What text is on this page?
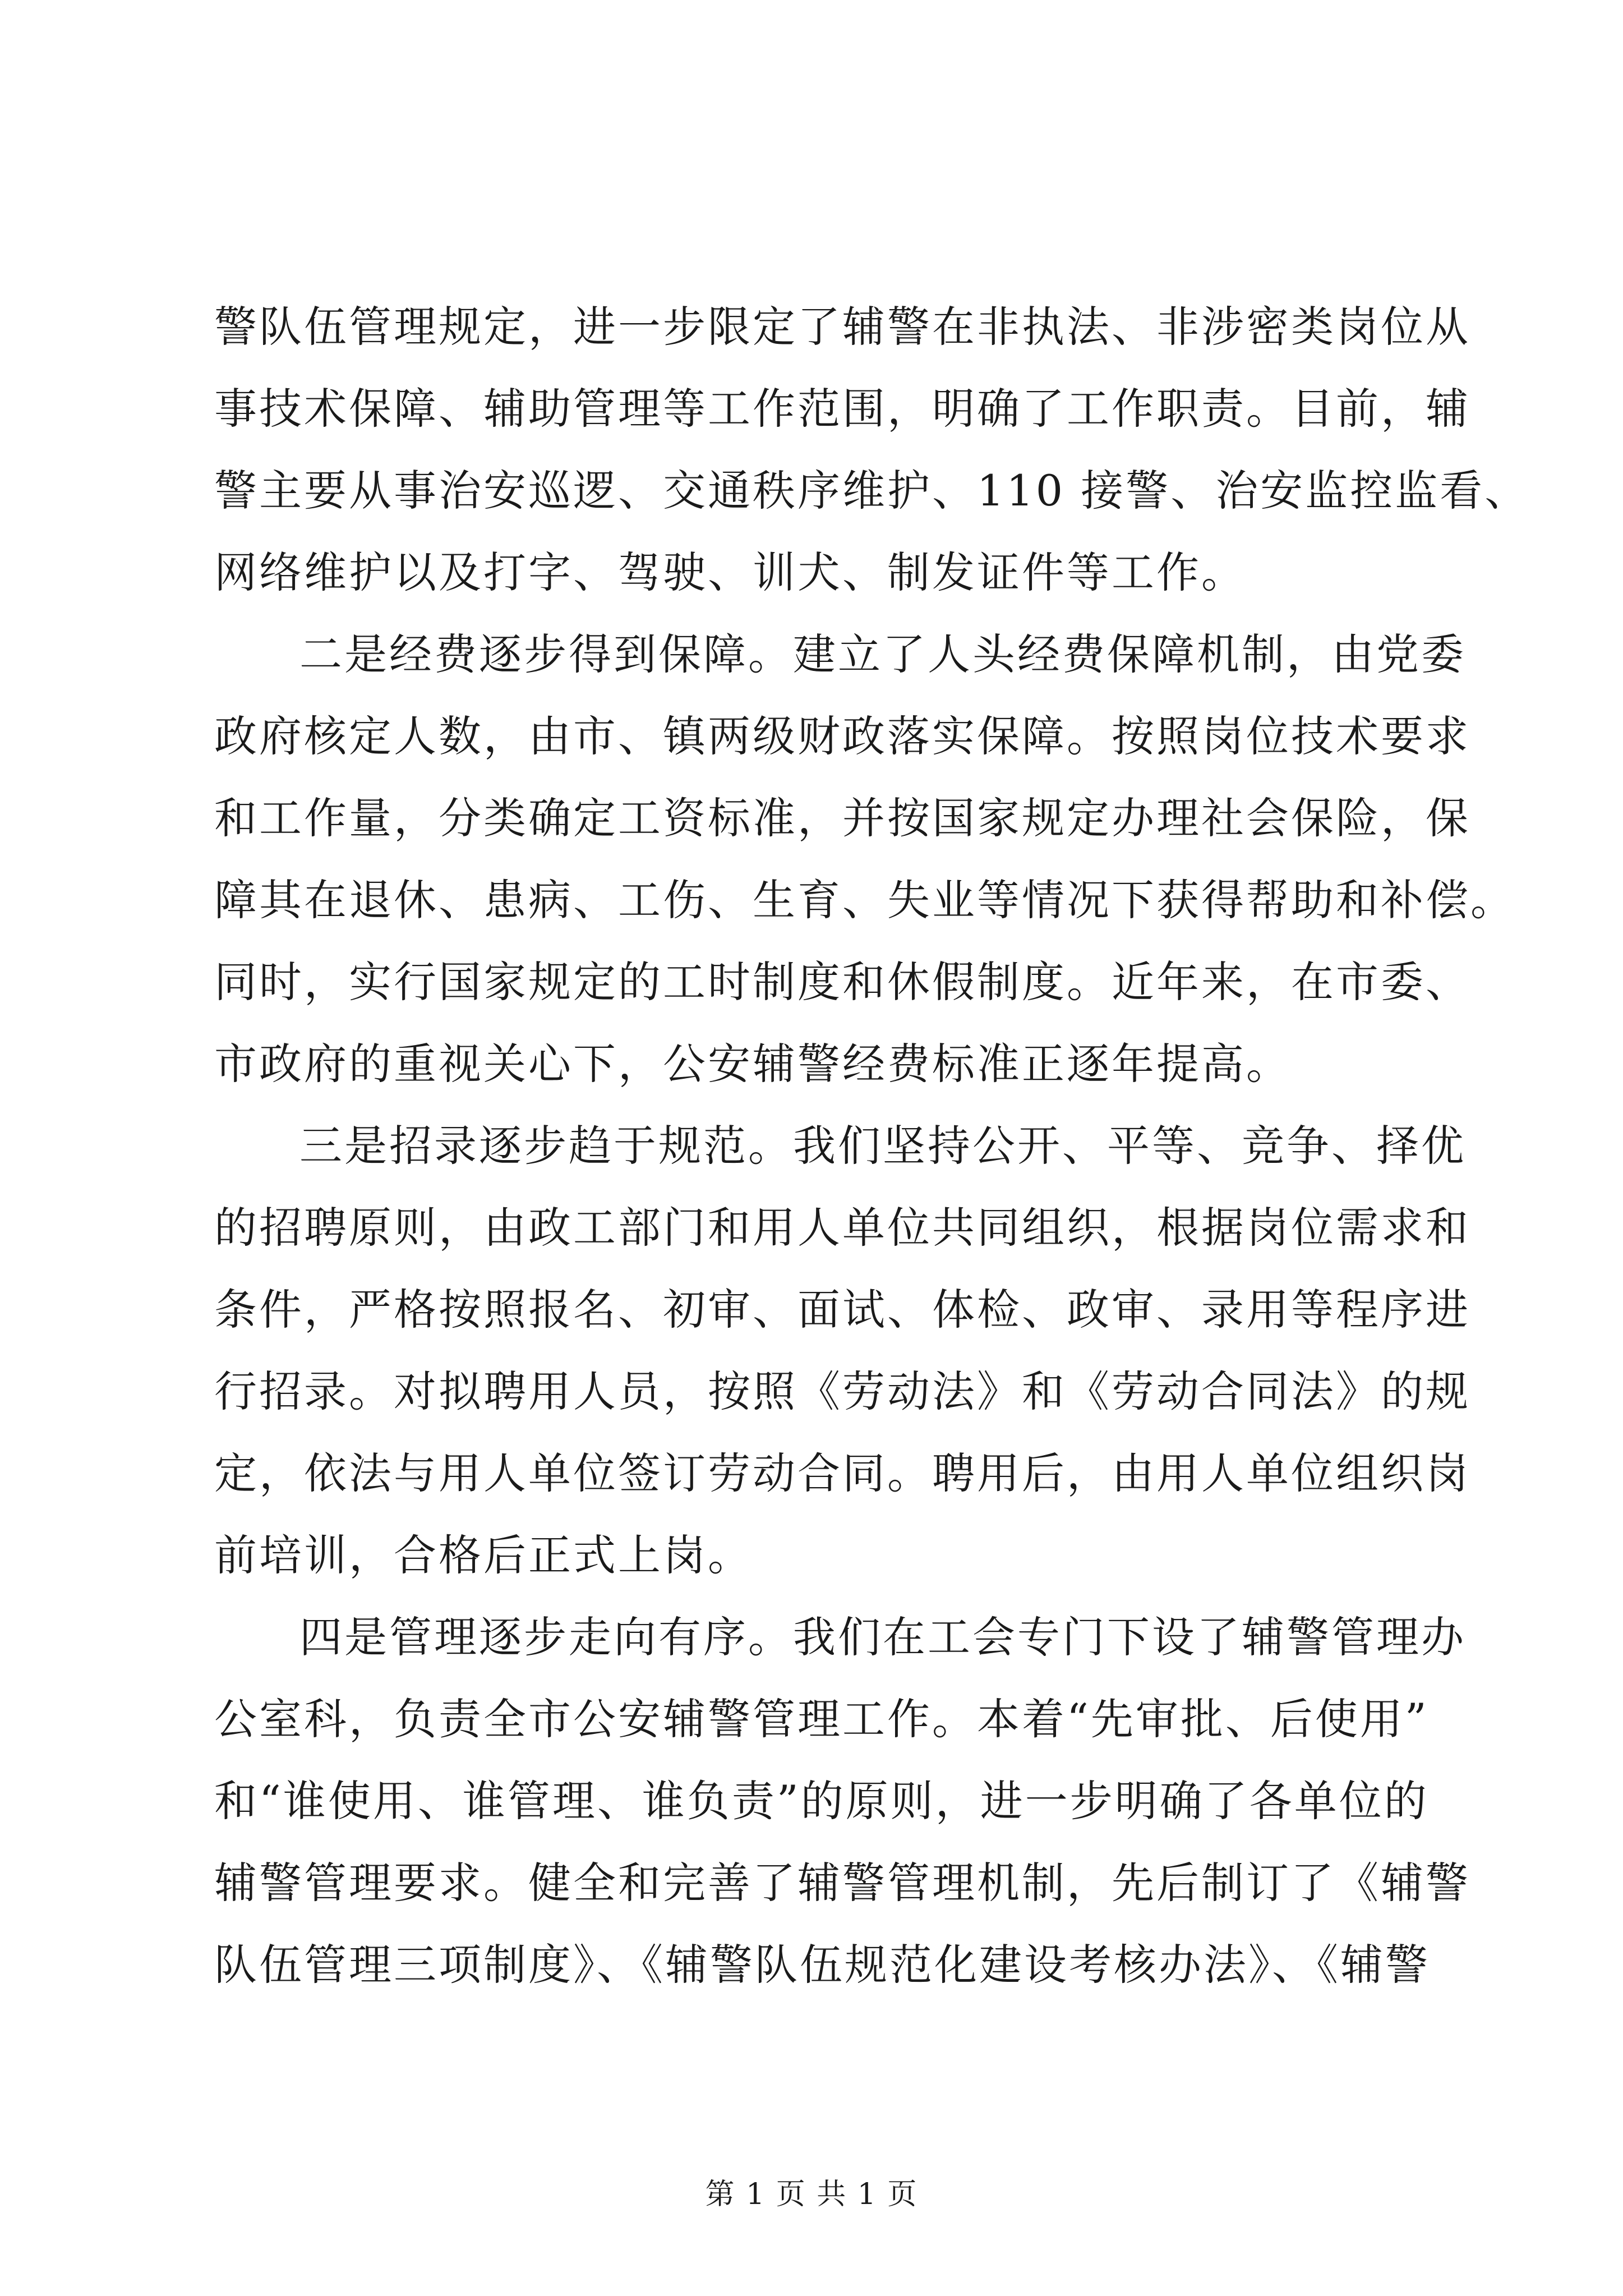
警队伍管理规定，进一步限定了辅警在非执法、非涉密类岗位从
事技术保障、辅助管理等工作范围，明确了工作职责。目前，辅
警主要从事治安巡逻、交通秩序维护、110 接警、治安监控监看、
网络维护以及打字、驾驶、训犬、制发证件等工作。
二是经费逐步得到保障。建立了人头经费保障机制，由党委
政府核定人数，由市、镇两级财政落实保障。按照岗位技术要求
和工作量，分类确定工资标准，并按国家规定办理社会保险，保
障其在退休、患病、工伤、生育、失业等情况下获得帮助和补偿。
同时，实行国家规定的工时制度和休假制度。近年来，在市委、
市政府的重视关心下，公安辅警经费标准正逐年提高。
三是招录逐步趋于规范。我们坚持公开、平等、竞争、择优
的招聘原则，由政工部门和用人单位共同组织，根据岗位需求和
条件，严格按照报名、初审、面试、体检、政审、录用等程序进
行招录。对拟聘用人员，按照《劳动法》和《劳动合同法》的规
定，依法与用人单位签订劳动合同。聘用后，由用人单位组织岗
前培训，合格后正式上岗。
四是管理逐步走向有序。我们在工会专门下设了辅警管理办
公室科，负责全市公安辅警管理工作。本着“先审批、后使用”
和“谁使用、谁管理、谁负责”的原则，进一步明确了各单位的
辅警管理要求。健全和完善了辅警管理机制，先后制订了《辅警
队伍管理三项制度》、《辅警队伍规范化建设考核办法》、《辅警
第 1 页 共 1 页
